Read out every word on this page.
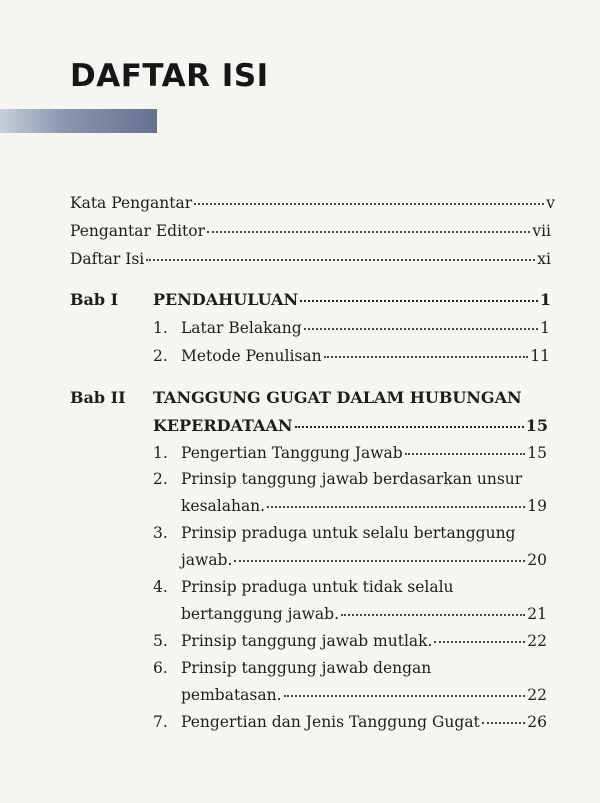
DAFTAR ISI
Kata Pengantar	v
Pengantar Editor	vii
Daftar Isi	xi
Bab I PENDAHULUAN	1
1. Latar Belakang	1
2. Metode Penulisan	11
Bab II TANGGUNG GUGAT DALAM HUBUNGAN
KEPERDATAAN	15
1. Pengertian Tanggung Jawab	15
2. Prinsip tanggung jawab berdasarkan unsur
kesalahan.	19
3. Prinsip praduga untuk selalu bertanggung
jawab.	20
4. Prinsip praduga untuk tidak selalu
bertanggung jawab.	21
5. Prinsip tanggung jawab mutlak.	22
6. Prinsip tanggung jawab dengan
pembatasan.	22
7. Pengertian dan Jenis Tanggung Gugat	26
